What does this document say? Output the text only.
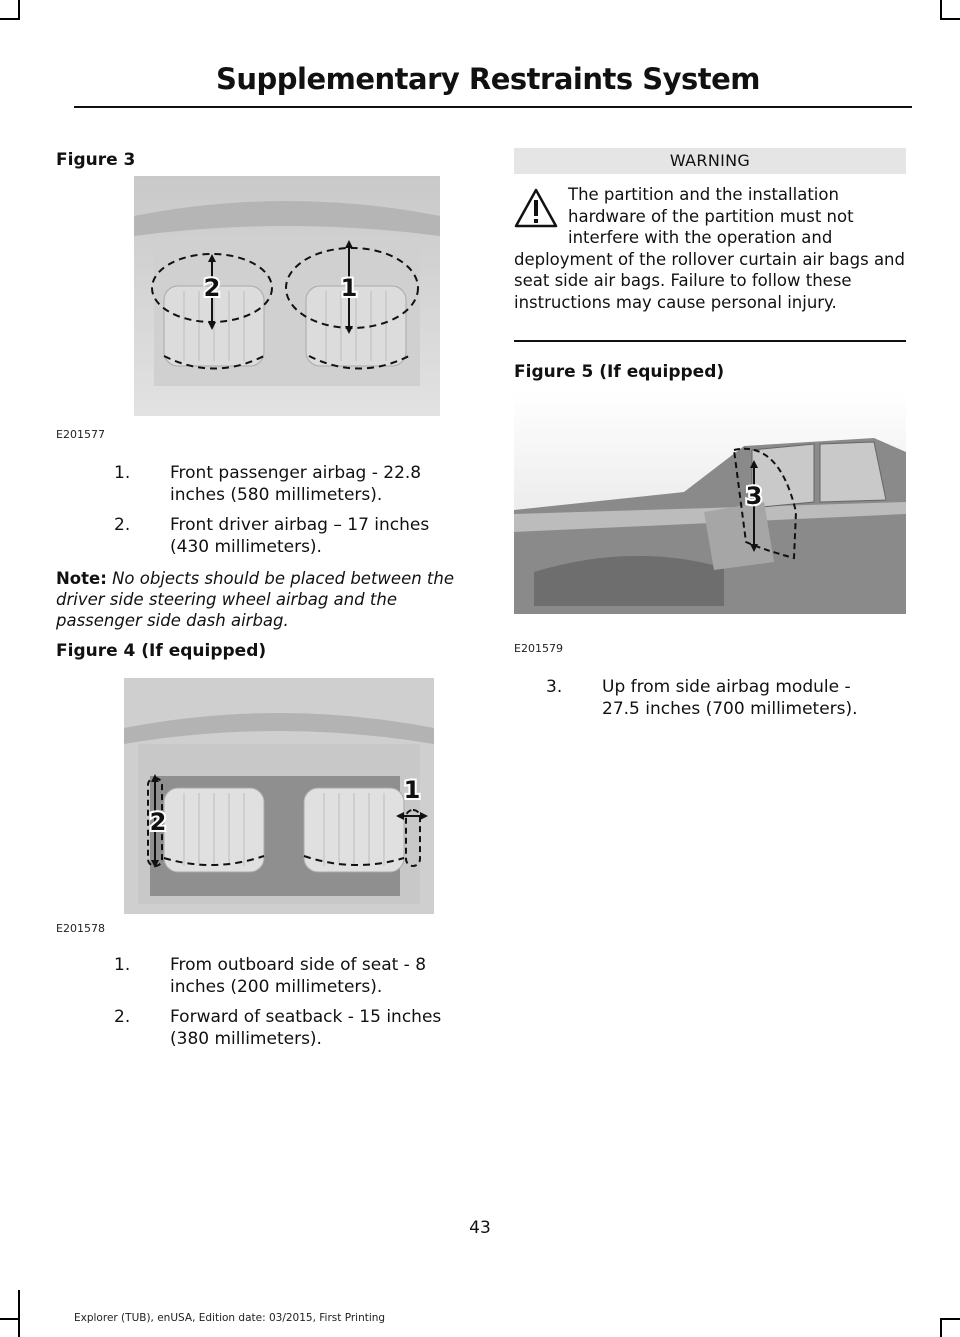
Supplementary Restraints System
Figure 3
2	1
E201577
1. Front passenger airbag - 22.8
inches (580 millimeters).
2. Front driver airbag – 17 inches
(430 millimeters).
Note: No objects should be placed between the driver side steering wheel airbag and the passenger side dash airbag.
Figure 4 (If equipped)
1
2
E201578
1. From outboard side of seat - 8
inches (200 millimeters).
2. Forward of seatback - 15 inches
(380 millimeters).
WARNING
The partition and the installation
hardware of the partition must not
interfere with the operation and
deployment of the rollover curtain air bags and seat side air bags. Failure to follow these instructions may cause personal injury.
Figure 5 (If equipped)
3
E201579
3. Up from side airbag module -
27.5 inches (700 millimeters).
43
Explorer (TUB), enUSA, Edition date: 03/2015, First Printing
